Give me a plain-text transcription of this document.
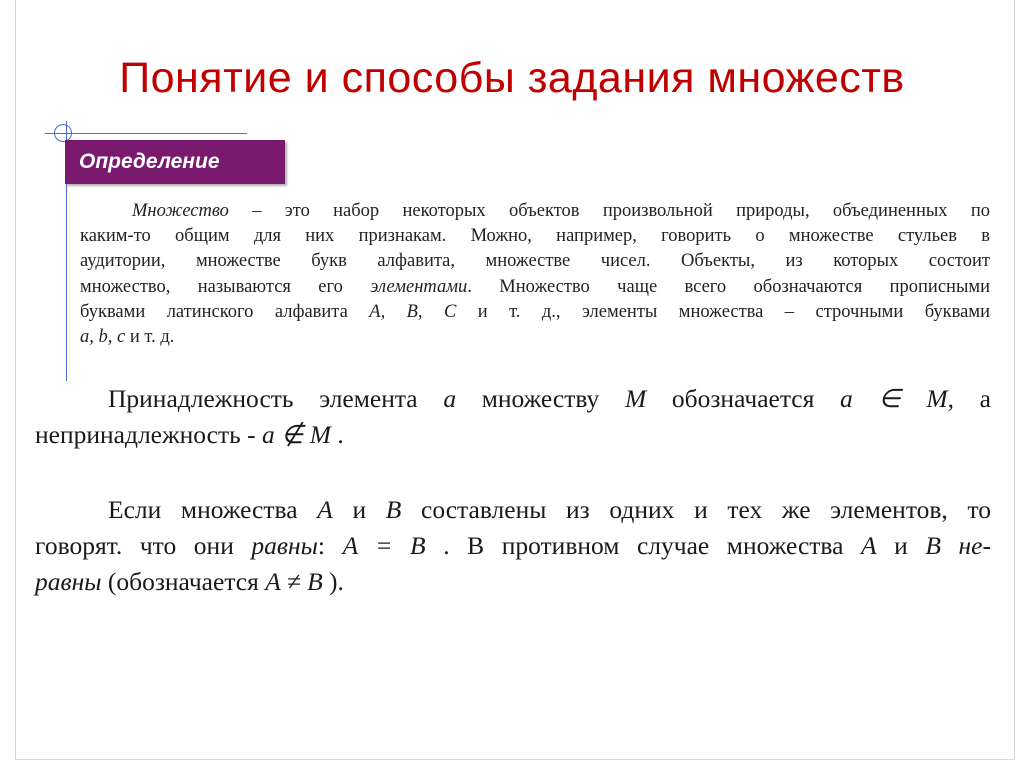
Понятие и способы задания множеств
Определение
Множество – это набор некоторых объектов произвольной природы, объединенных по
каким-то общим для них признакам. Можно, например, говорить о множестве стульев в
аудитории, множестве букв алфавита, множестве чисел. Объекты, из которых состоит
множество, называются его элементами. Множество чаще всего обозначаются прописными
буквами латинского алфавита A, B, C и т. д., элементы множества – строчными буквами
a, b, c и т. д.
Принадлежность элемента a множеству M обозначается a ∈ M, а
непринадлежность - a ∉ M .
Если множества A и B составлены из одних и тех же элементов, то
говорят. что они равны: A = B . В противном случае множества A и B не-
равны (обозначается A ≠ B ).
